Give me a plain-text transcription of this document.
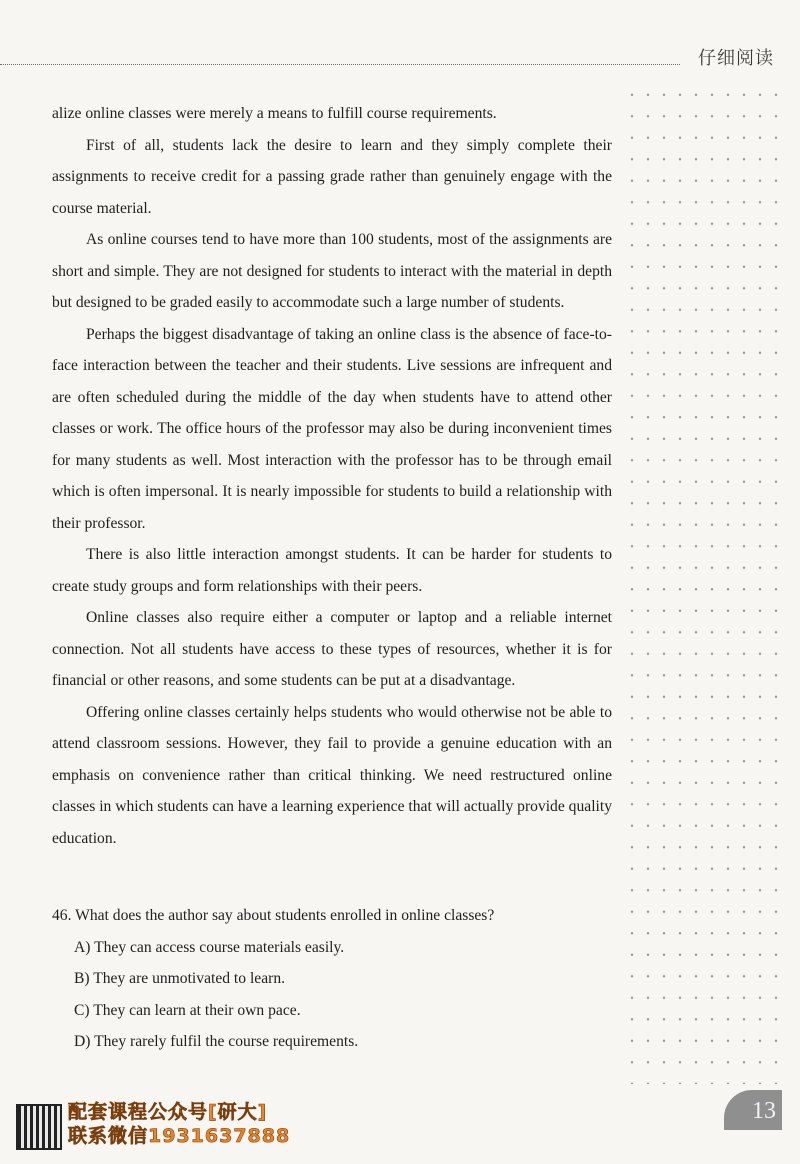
仔细阅读

alize online classes were merely a means to fulfill course requirements.

First of all, students lack the desire to learn and they simply complete their assignments to receive credit for a passing grade rather than genuinely engage with the course material.

As online courses tend to have more than 100 students, most of the assignments are short and simple. They are not designed for students to interact with the material in depth but designed to be graded easily to accommodate such a large number of students.

Perhaps the biggest disadvantage of taking an online class is the absence of face-to-face interaction between the teacher and their students. Live sessions are infrequent and are often scheduled during the middle of the day when students have to attend other classes or work. The office hours of the professor may also be during inconvenient times for many students as well. Most interaction with the professor has to be through email which is often impersonal. It is nearly impossible for students to build a relationship with their professor.

There is also little interaction amongst students. It can be harder for students to create study groups and form relationships with their peers.

Online classes also require either a computer or laptop and a reliable internet connection. Not all students have access to these types of resources, whether it is for financial or other reasons, and some students can be put at a disadvantage.

Offering online classes certainly helps students who would otherwise not be able to attend classroom sessions. However, they fail to provide a genuine education with an emphasis on convenience rather than critical thinking. We need restructured online classes in which students can have a learning experience that will actually provide quality education.

46. What does the author say about students enrolled in online classes?

A) They can access course materials easily.

B) They are unmotivated to learn.

C) They can learn at their own pace.

D) They rarely fulfil the course requirements.

配套课程公众号[研大]
联系微信1931637888
13
